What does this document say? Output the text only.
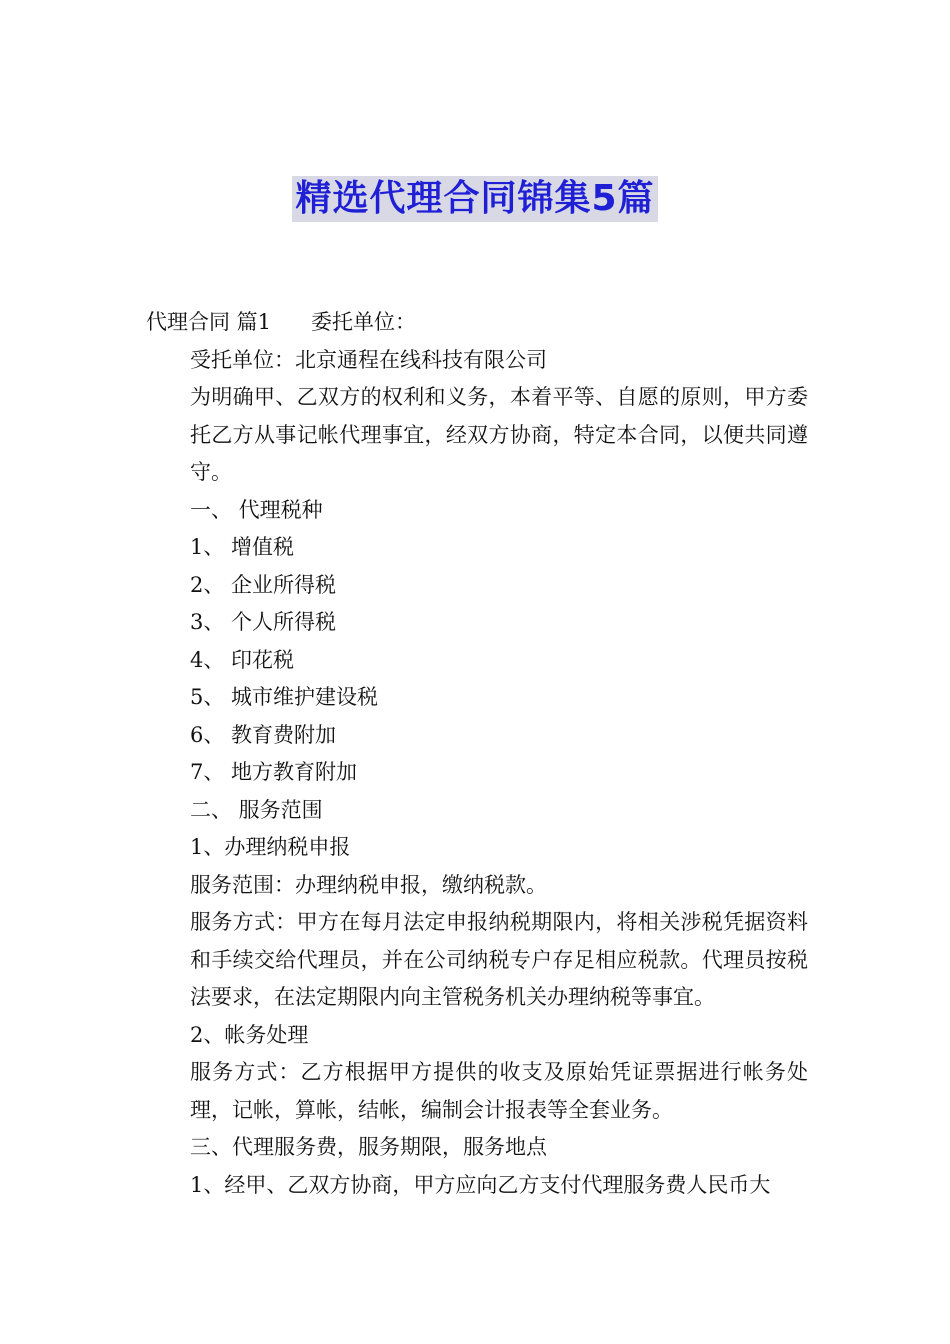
精选代理合同锦集5篇

代理合同 篇1 委托单位：

受托单位：北京通程在线科技有限公司

为明确甲、乙双方的权利和义务，本着平等、自愿的原则，甲方委托乙方从事记帐代理事宜，经双方协商，特定本合同，以便共同遵守。

一、 代理税种

1、 增值税

2、 企业所得税

3、 个人所得税

4、 印花税

5、 城市维护建设税

6、 教育费附加

7、 地方教育附加

二、 服务范围

1、办理纳税申报

服务范围：办理纳税申报，缴纳税款。

服务方式：甲方在每月法定申报纳税期限内，将相关涉税凭据资料和手续交给代理员，并在公司纳税专户存足相应税款。代理员按税法要求，在法定期限内向主管税务机关办理纳税等事宜。

2、帐务处理

服务方式：乙方根据甲方提供的收支及原始凭证票据进行帐务处理，记帐，算帐，结帐，编制会计报表等全套业务。

三、代理服务费，服务期限，服务地点

1、经甲、乙双方协商，甲方应向乙方支付代理服务费人民币大
